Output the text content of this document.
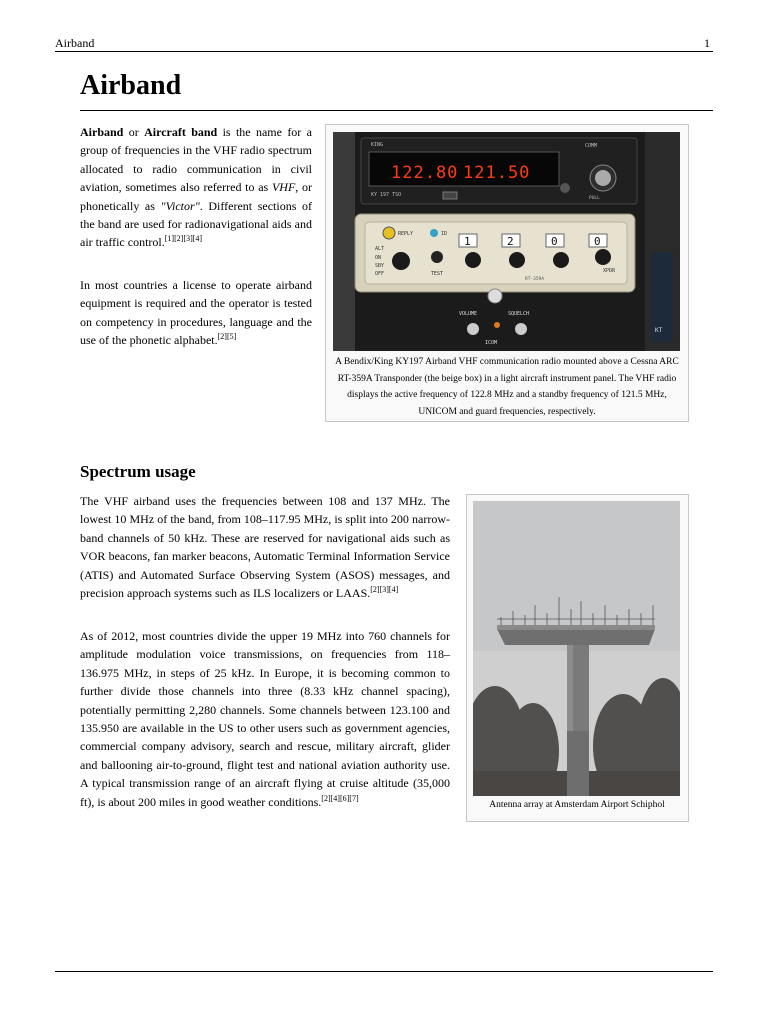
Airband	1
Airband

Airband or Aircraft band is the name for a group of frequencies in the VHF radio spectrum allocated to radio communication in civil aviation, sometimes also referred to as VHF, or phonetically as "Victor". Different sections of the band are used for radionavigational aids and air traffic control.[1][2][3][4]

In most countries a license to operate airband equipment is required and the operator is tested on competency in procedures, language and the use of the phonetic alphabet.[2][5]

122.80 121.50
KY 197 TSO
KING	COMM
PULL
REPLY	ID
ALT
ON
SBY
OFF	TEST
1	2	0	0
RT-359A
XPDR
VOLUME	SQUELCH
ICOM
KT
A Bendix/King KY197 Airband VHF communication radio mounted above a Cessna ARC RT-359A Transponder (the beige box) in a light aircraft instrument panel. The VHF radio displays the active frequency of 122.8 MHz and a standby frequency of 121.5 MHz, UNICOM and guard frequencies, respectively.
Spectrum usage

The VHF airband uses the frequencies between 108 and 137 MHz. The lowest 10 MHz of the band, from 108–117.95 MHz, is split into 200 narrow-band channels of 50 kHz. These are reserved for navigational aids such as VOR beacons, fan marker beacons, Automatic Terminal Information Service (ATIS) and Automated Surface Observing System (ASOS) messages, and precision approach systems such as ILS localizers or LAAS.[2][3][4]

As of 2012, most countries divide the upper 19 MHz into 760 channels for amplitude modulation voice transmissions, on frequencies from 118–136.975 MHz, in steps of 25 kHz. In Europe, it is becoming common to further divide those channels into three (8.33 kHz channel spacing), potentially permitting 2,280 channels. Some channels between 123.100 and 135.950 are available in the US to other users such as government agencies, commercial company advisory, search and rescue, military aircraft, glider and ballooning air-to-ground, flight test and national aviation authority use. A typical transmission range of an aircraft flying at cruise altitude (35,000 ft), is about 200 miles in good weather conditions.[2][4][6][7]

Antenna array at Amsterdam Airport Schiphol
